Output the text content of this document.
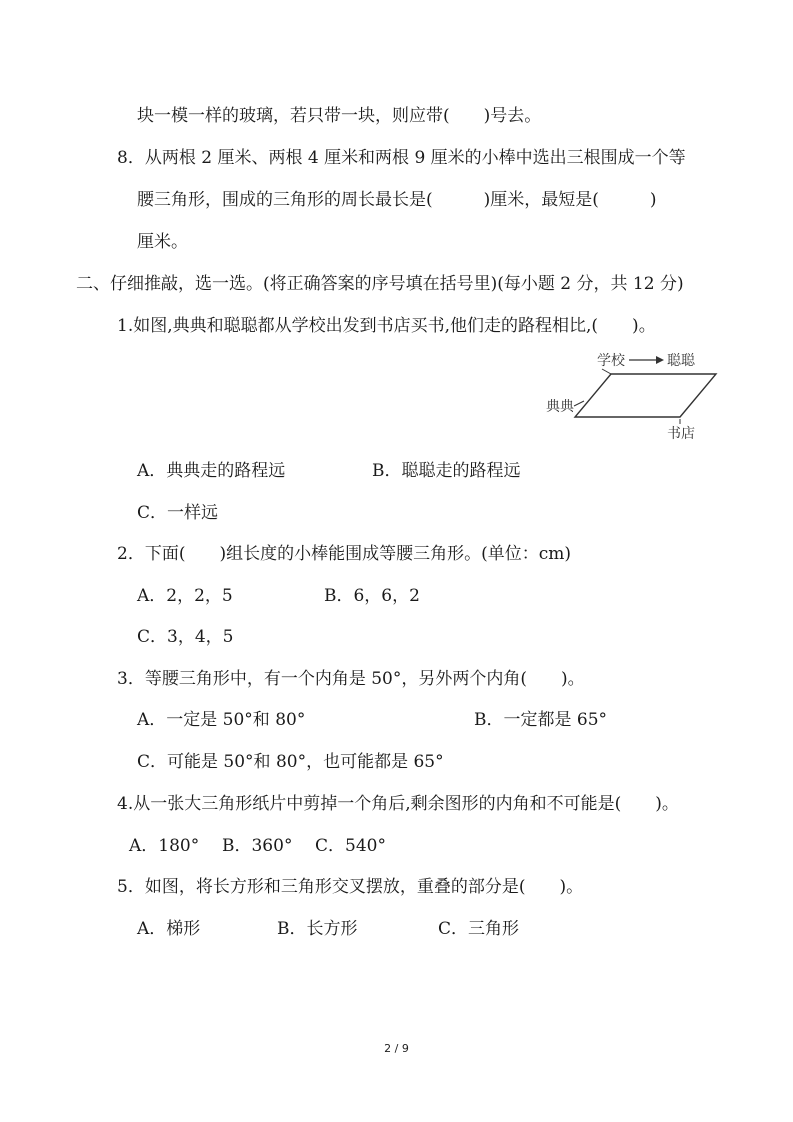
块一模一样的玻璃，若只带一块，则应带(　　)号去。
8．从两根 2 厘米、两根 4 厘米和两根 9 厘米的小棒中选出三根围成一个等
腰三角形，围成的三角形的周长最长是(　　　)厘米，最短是(　　　)
厘米。
二、仔细推敲，选一选。(将正确答案的序号填在括号里)(每小题 2 分，共 12 分)
1.如图,典典和聪聪都从学校出发到书店买书,他们走的路程相比,(　　)。
学校	聪聪
典典
书店
A．典典走的路程远	B．聪聪走的路程远
C．一样远
2．下面(　　)组长度的小棒能围成等腰三角形。(单位：cm)
A．2，2，5	B．6，6，2
C．3，4，5
3．等腰三角形中，有一个内角是 50°，另外两个内角(　　)。
A．一定是 50°和 80°	B．一定都是 65°
C．可能是 50°和 80°，也可能都是 65°
4.从一张大三角形纸片中剪掉一个角后,剩余图形的内角和不可能是(　　)。
A．180° B．360° C．540°
5．如图，将长方形和三角形交叉摆放，重叠的部分是(　　)。
A．梯形	B．长方形	C．三角形
2 / 9
